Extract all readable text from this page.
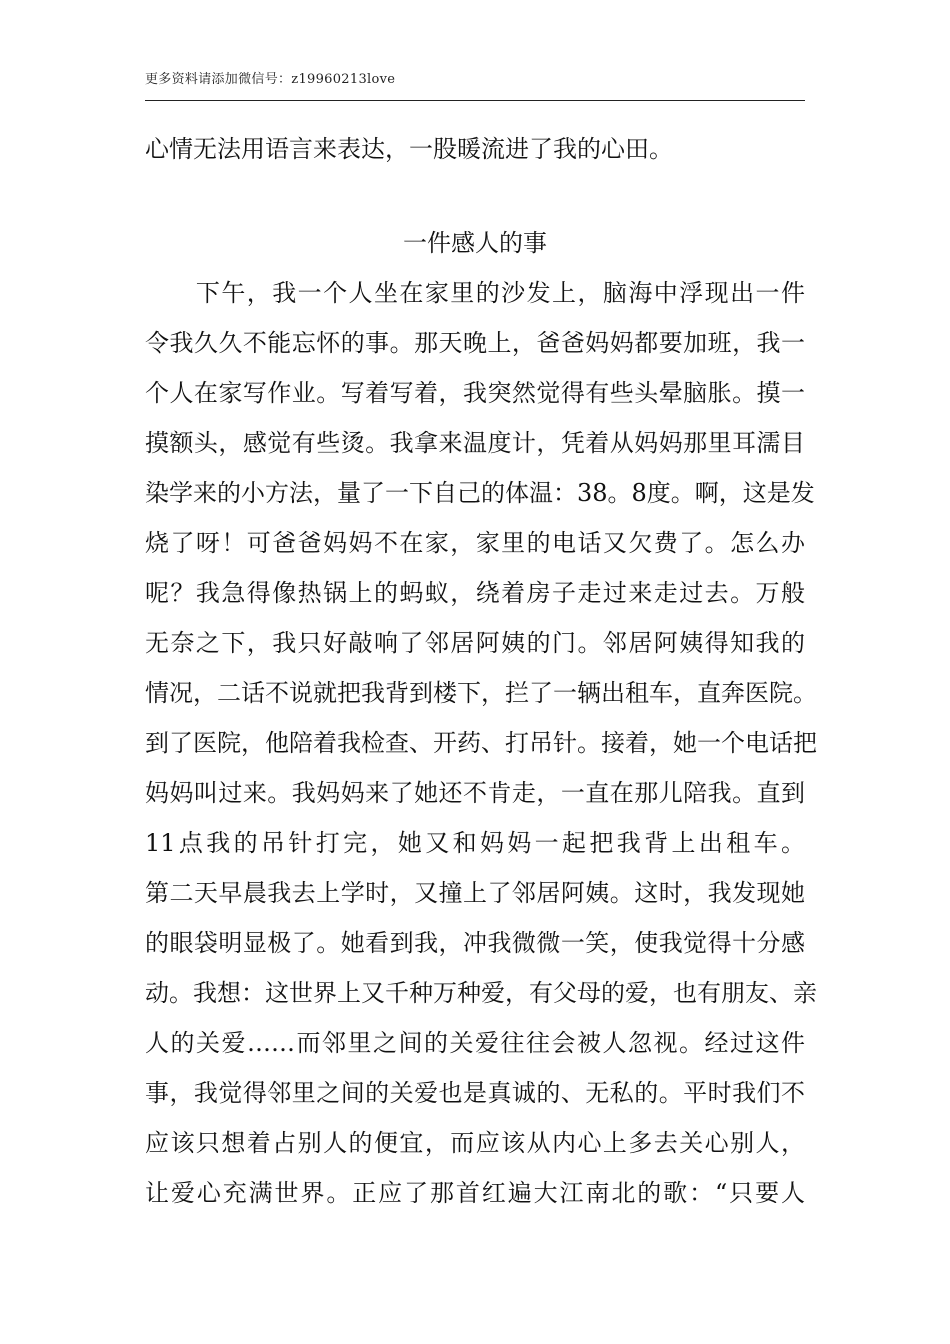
更多资料请添加微信号：z19960213love
心情无法用语言来表达，一股暖流进了我的心田。
一件感人的事
　　下午，我一个人坐在家里的沙发上，脑海中浮现出一件
令我久久不能忘怀的事。那天晚上，爸爸妈妈都要加班，我一
个人在家写作业。写着写着，我突然觉得有些头晕脑胀。摸一
摸额头，感觉有些烫。我拿来温度计，凭着从妈妈那里耳濡目
染学来的小方法，量了一下自己的体温：38。8度。啊，这是发
烧了呀！可爸爸妈妈不在家，家里的电话又欠费了。怎么办
呢？我急得像热锅上的蚂蚁，绕着房子走过来走过去。万般
无奈之下，我只好敲响了邻居阿姨的门。邻居阿姨得知我的
情况，二话不说就把我背到楼下，拦了一辆出租车，直奔医院。
到了医院，他陪着我检查、开药、打吊针。接着，她一个电话把
妈妈叫过来。我妈妈来了她还不肯走，一直在那儿陪我。直到
11点我的吊针打完，她又和妈妈一起把我背上出租车。
第二天早晨我去上学时，又撞上了邻居阿姨。这时，我发现她
的眼袋明显极了。她看到我，冲我微微一笑，使我觉得十分感
动。我想：这世界上又千种万种爱，有父母的爱，也有朋友、亲
人的关爱……而邻里之间的关爱往往会被人忽视。经过这件
事，我觉得邻里之间的关爱也是真诚的、无私的。平时我们不
应该只想着占别人的便宜，而应该从内心上多去关心别人，
让爱心充满世界。正应了那首红遍大江南北的歌：“只要人
